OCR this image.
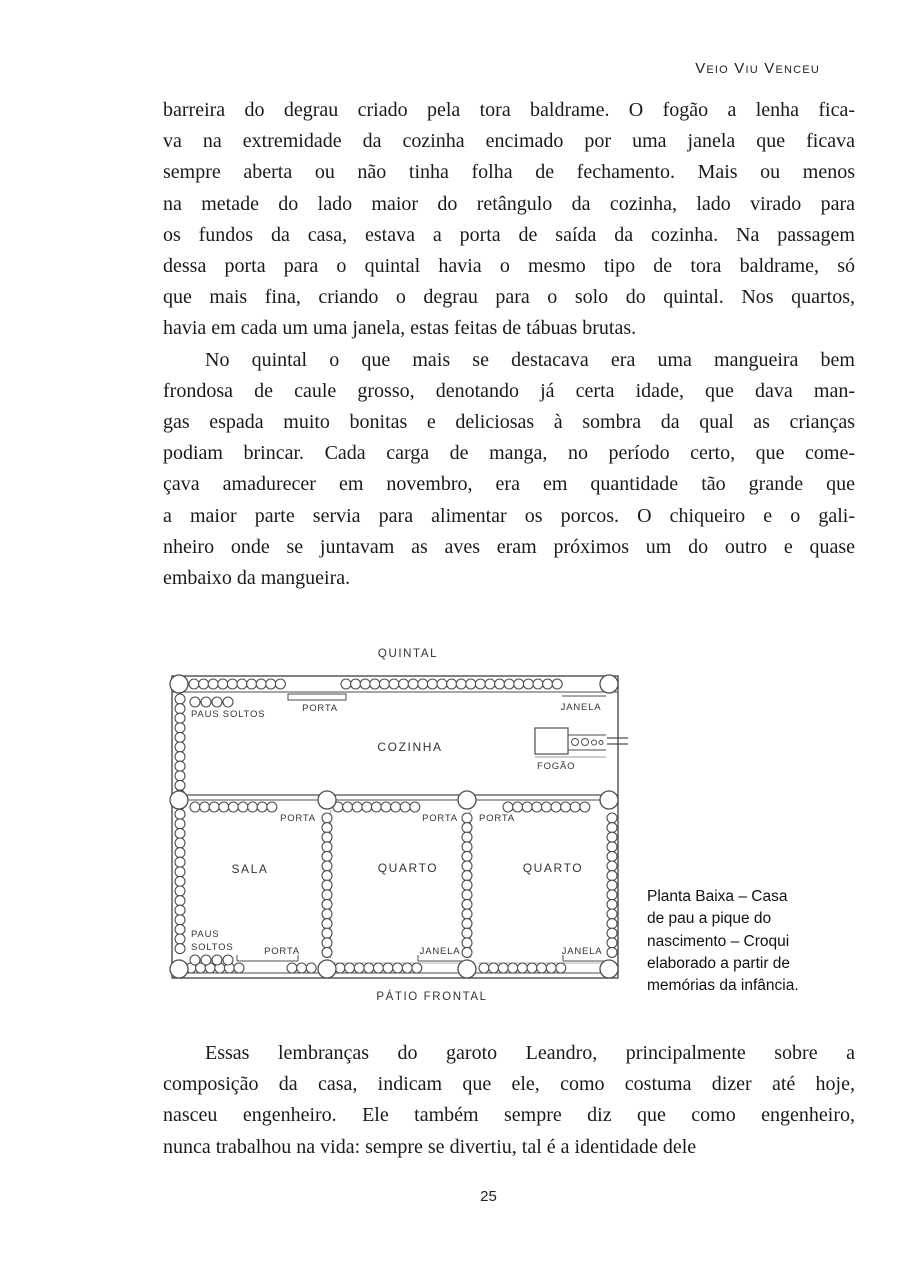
Veio Viu Venceu
barreira do degrau criado pela tora baldrame. O fogão a lenha fica-
va na extremidade da cozinha encimado por uma janela que ficava
sempre aberta ou não tinha folha de fechamento. Mais ou menos
na metade do lado maior do retângulo da cozinha, lado virado para
os fundos da casa, estava a porta de saída da cozinha. Na passagem
dessa porta para o quintal havia o mesmo tipo de tora baldrame, só
que mais fina, criando o degrau para o solo do quintal. Nos quartos,
havia em cada um uma janela, estas feitas de tábuas brutas.
No quintal o que mais se destacava era uma mangueira bem
frondosa de caule grosso, denotando já certa idade, que dava man-
gas espada muito bonitas e deliciosas à sombra da qual as crianças
podiam brincar. Cada carga de manga, no período certo, que come-
çava amadurecer em novembro, era em quantidade tão grande que
a maior parte servia para alimentar os porcos. O chiqueiro e o gali-
nheiro onde se juntavam as aves eram próximos um do outro e quase
embaixo da mangueira.
QUINTAL
PÁTIO FRONTAL
COZINHA
SALA	QUARTO	QUARTO
PORTA	JANELA
PAUS SOLTOS
FOGÃO
PORTA	PORTA PORTA
PAUS
SOLTOS	PORTA	JANELA	JANELA
Planta Baixa – Casa
de pau a pique do
nascimento – Croqui
elaborado a partir de
memórias da infância.
Essas lembranças do garoto Leandro, principalmente sobre a
composição da casa, indicam que ele, como costuma dizer até hoje,
nasceu engenheiro. Ele também sempre diz que como engenheiro,
nunca trabalhou na vida: sempre se divertiu, tal é a identidade dele
25
